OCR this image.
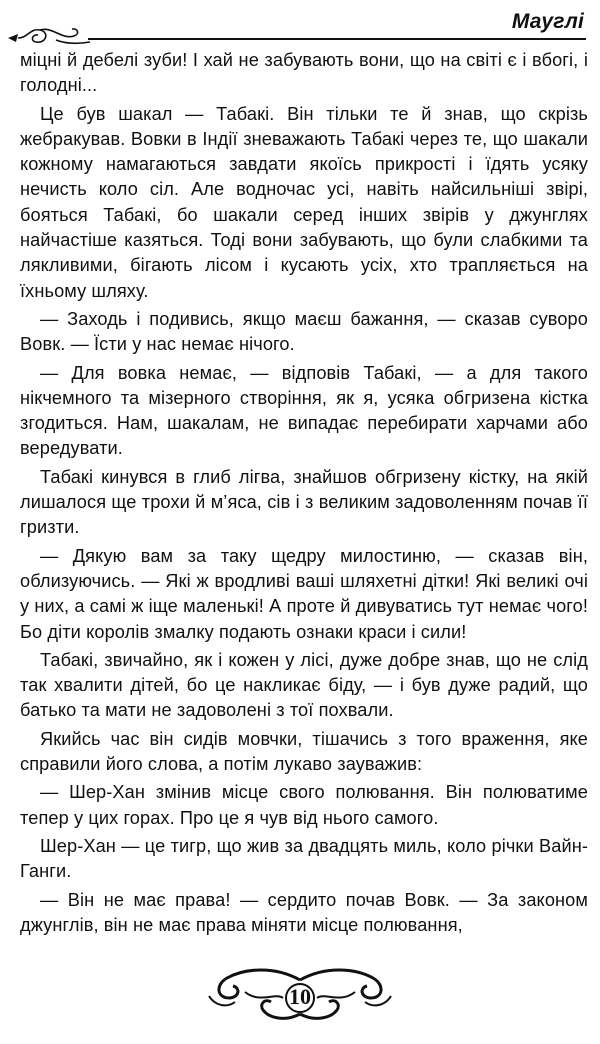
Мауглі

міцні й дебелі зуби! І хай не забувають вони, що на світі є і вбогі, і голодні...

Це був шакал — Табакі. Він тільки те й знав, що скрізь жебракував. Вовки в Індії зневажають Табакі через те, що шакали кожному намагаються завдати якоїсь прикрості і їдять усяку нечисть коло сіл. Але водночас усі, навіть найсильніші звірі, бояться Табакі, бо шакали серед інших звірів у джунглях найчастіше казяться. Тоді вони забувають, що були слабкими та лякливими, бігають лісом і кусають усіх, хто трапляється на їхньому шляху.

— Заходь і подивись, якщо маєш бажання, — сказав суворо Вовк. — Їсти у нас немає нічого.

— Для вовка немає, — відповів Табакі, — а для такого нікчемного та мізерного створіння, як я, усяка обгризена кістка згодиться. Нам, шакалам, не випадає перебирати харчами або вередувати.

Табакі кинувся в глиб лігва, знайшов обгризену кістку, на якій лишалося ще трохи й м’яса, сів і з великим задоволенням почав її гризти.

— Дякую вам за таку щедру милостиню, — сказав він, облизуючись. — Які ж вродливі ваші шляхетні дітки! Які великі очі у них, а самі ж іще маленькі! А проте й дивуватись тут немає чого! Бо діти королів змалку подають ознаки краси і сили!

Табакі, звичайно, як і кожен у лісі, дуже добре знав, що не слід так хвалити дітей, бо це накликає біду, — і був дуже радий, що батько та мати не задоволені з тої похвали.

Якийсь час він сидів мовчки, тішачись з того враження, яке справили його слова, а потім лукаво зауважив:

— Шер-Хан змінив місце свого полювання. Він полюватиме тепер у цих горах. Про це я чув від нього самого.

Шер-Хан — це тигр, що жив за двадцять миль, коло річки Вайн-Ганги.

— Він не має права! — сердито почав Вовк. — За законом джунглів, він не має права міняти місце полювання,

10
